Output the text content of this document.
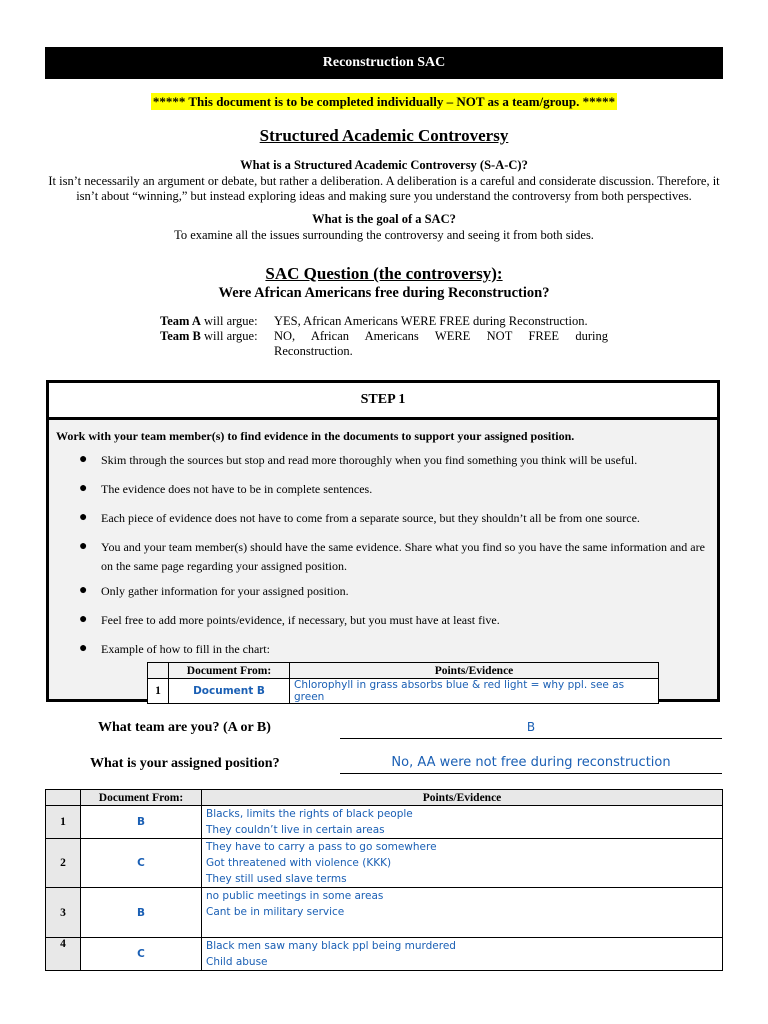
Reconstruction SAC
***** This document is to be completed individually – NOT as a team/group. *****
Structured Academic Controversy
What is a Structured Academic Controversy (S-A-C)?
It isn’t necessarily an argument or debate, but rather a deliberation. A deliberation is a careful and considerate discussion. Therefore, it isn’t about “winning,” but instead exploring ideas and making sure you understand the controversy from both perspectives.
What is the goal of a SAC?
To examine all the issues surrounding the controversy and seeing it from both sides.
SAC Question (the controversy):
Were African Americans free during Reconstruction?
Team A will argue:	YES, African Americans WERE FREE during Reconstruction.
Team B will argue:	NO, African Americans WERE NOT FREE during
Reconstruction.
STEP 1
Work with your team member(s) to find evidence in the documents to support your assigned position.
●	Skim through the sources but stop and read more thoroughly when you find something you think will be useful.
●	The evidence does not have to be in complete sentences.
●	Each piece of evidence does not have to come from a separate source, but they shouldn’t all be from one source.
●	You and your team member(s) should have the same evidence. Share what you find so you have the same information and are on the same page regarding your assigned position.
●	Only gather information for your assigned position.
●	Feel free to add more points/evidence, if necessary, but you must have at least five.
●	Example of how to fill in the chart:
	Document From:	Points/Evidence
1	Document B	Chlorophyll in grass absorbs blue & red light = why ppl. see as green
What team are you? (A or B)	B
What is your assigned position?	No, AA were not free during reconstruction
	Document From:	Points/Evidence
1	B	Blacks, limits the rights of black people
They couldn’t live in certain areas

2	C	They have to carry a pass to go somewhere
Got threatened with violence (KKK)
They still used slave terms

3	B	no public meetings in some areas
Cant be in military service

4	C	Black men saw many black ppl being murdered
Child abuse
